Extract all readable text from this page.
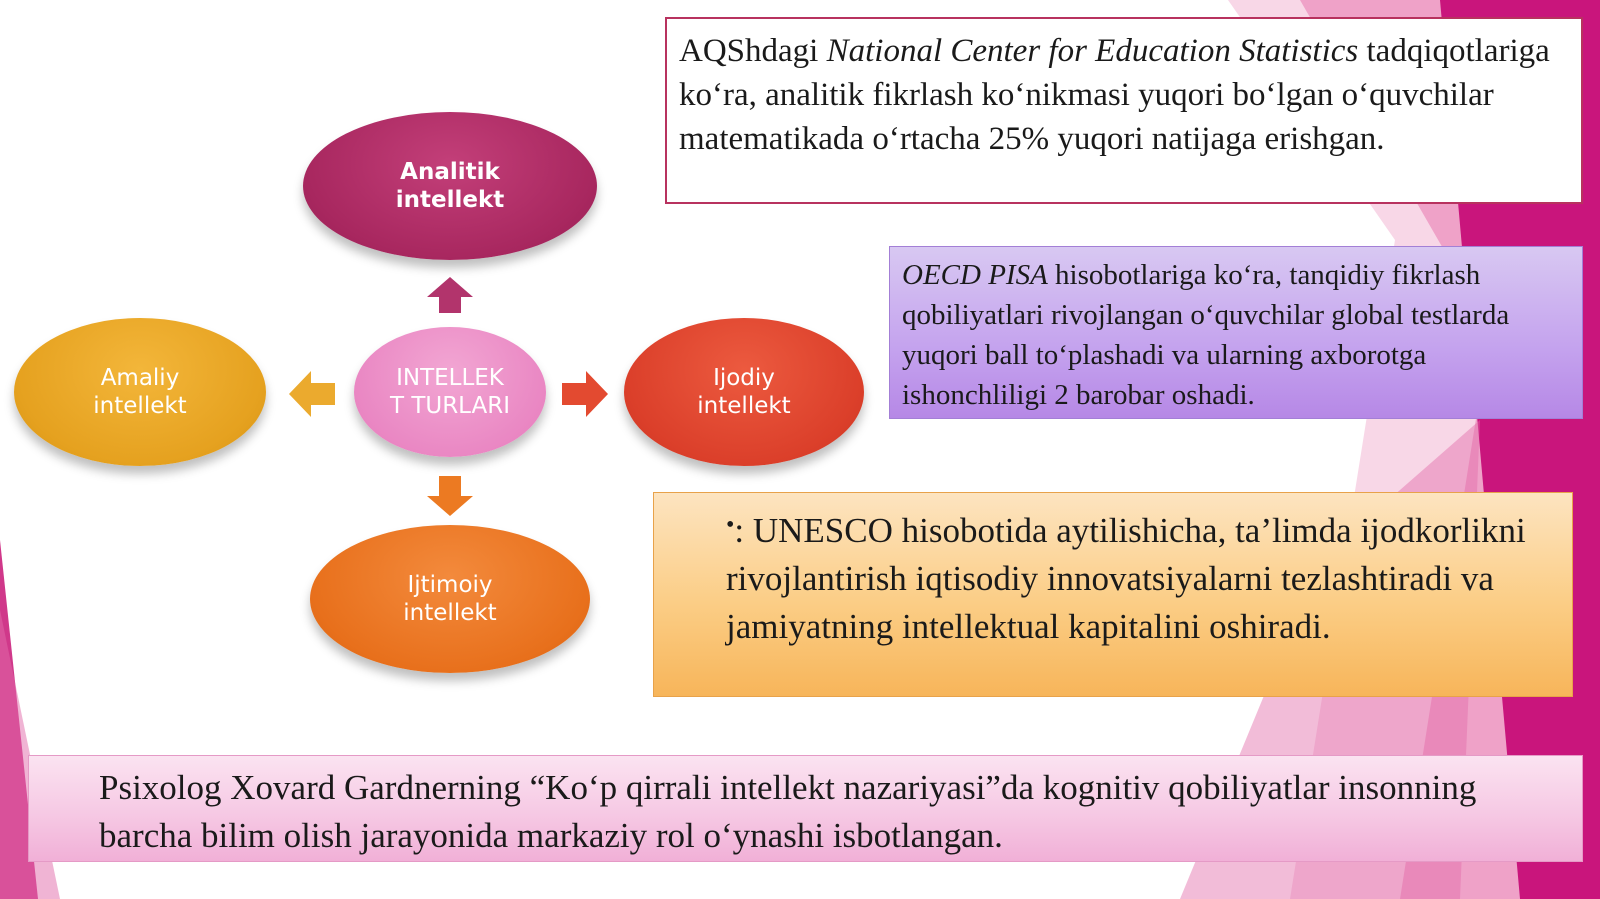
Analitik
intellekt
INTELLEK
T TURLARI
Amaliy
intellekt
Ijodiy
intellekt
Ijtimoiy
intellekt
AQShdagi National Center for Education Statistics tadqiqotlariga ko‘ra, analitik fikrlash ko‘nikmasi yuqori bo‘lgan o‘quvchilar matematikada o‘rtacha 25% yuqori natijaga erishgan.
OECD PISA hisobotlariga ko‘ra, tanqidiy fikrlash qobiliyatlari rivojlangan o‘quvchilar global testlarda yuqori ball to‘plashadi va ularning axborotga ishonchliligi 2 barobar oshadi.
•: UNESCO hisobotida aytilishicha, ta’limda ijodkorlikni rivojlantirish iqtisodiy innovatsiyalarni tezlashtiradi va jamiyatning intellektual kapitalini oshiradi.
Psixolog Xovard Gardnerning “Ko‘p qirrali intellekt nazariyasi”da kognitiv qobiliyatlar insonning barcha bilim olish jarayonida markaziy rol o‘ynashi isbotlangan.
